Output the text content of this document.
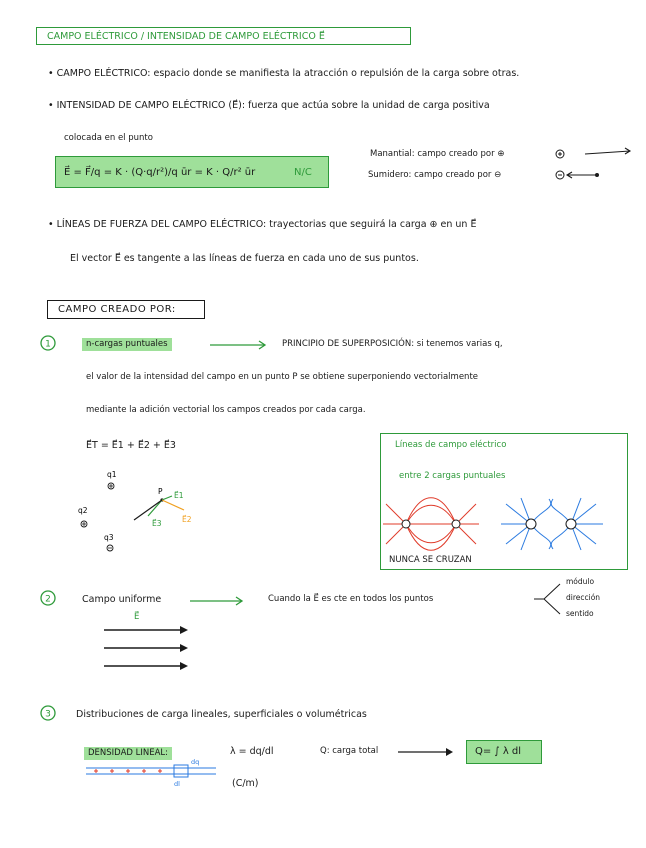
CAMPO ELÉCTRICO / INTENSIDAD DE CAMPO ELÉCTRICO E⃗
• CAMPO ELÉCTRICO: espacio donde se manifiesta la atracción o repulsión de la carga sobre otras.
• INTENSIDAD DE CAMPO ELÉCTRICO (E⃗): fuerza que actúa sobre la unidad de carga positiva
colocada en el punto
E⃗ = F⃗/q = K · (Q·q/r²)/q ūr = K · Q/r² ūr	N/C
Manantial: campo creado por ⊕
Sumidero: campo creado por ⊖
• LÍNEAS DE FUERZA DEL CAMPO ELÉCTRICO: trayectorias que seguirá la carga ⊕ en un E⃗
El vector E⃗ es tangente a las líneas de fuerza en cada uno de sus puntos.
CAMPO CREADO POR:
1	n-cargas puntuales	PRINCIPIO DE SUPERPOSICIÓN: si tenemos varias q,
el valor de la intensidad del campo en un punto P se obtiene superponiendo vectorialmente
mediante la adición vectorial los campos creados por cada carga.
E⃗T = E⃗1 + E⃗2 + E⃗3
q1
q2
q3
P E⃗1
E⃗2
E⃗3
Líneas de campo eléctrico
entre 2 cargas puntuales
NUNCA SE CRUZAN
2	Campo uniforme	Cuando la E⃗ es cte en todos los puntos
módulo
dirección
sentido
E⃗
3	Distribuciones de carga lineales, superficiales o volumétricas
DENSIDAD LINEAL:	λ = dq/dl	Q: carga total	Q= ∫ λ dl
dq
dl	(C/m)
